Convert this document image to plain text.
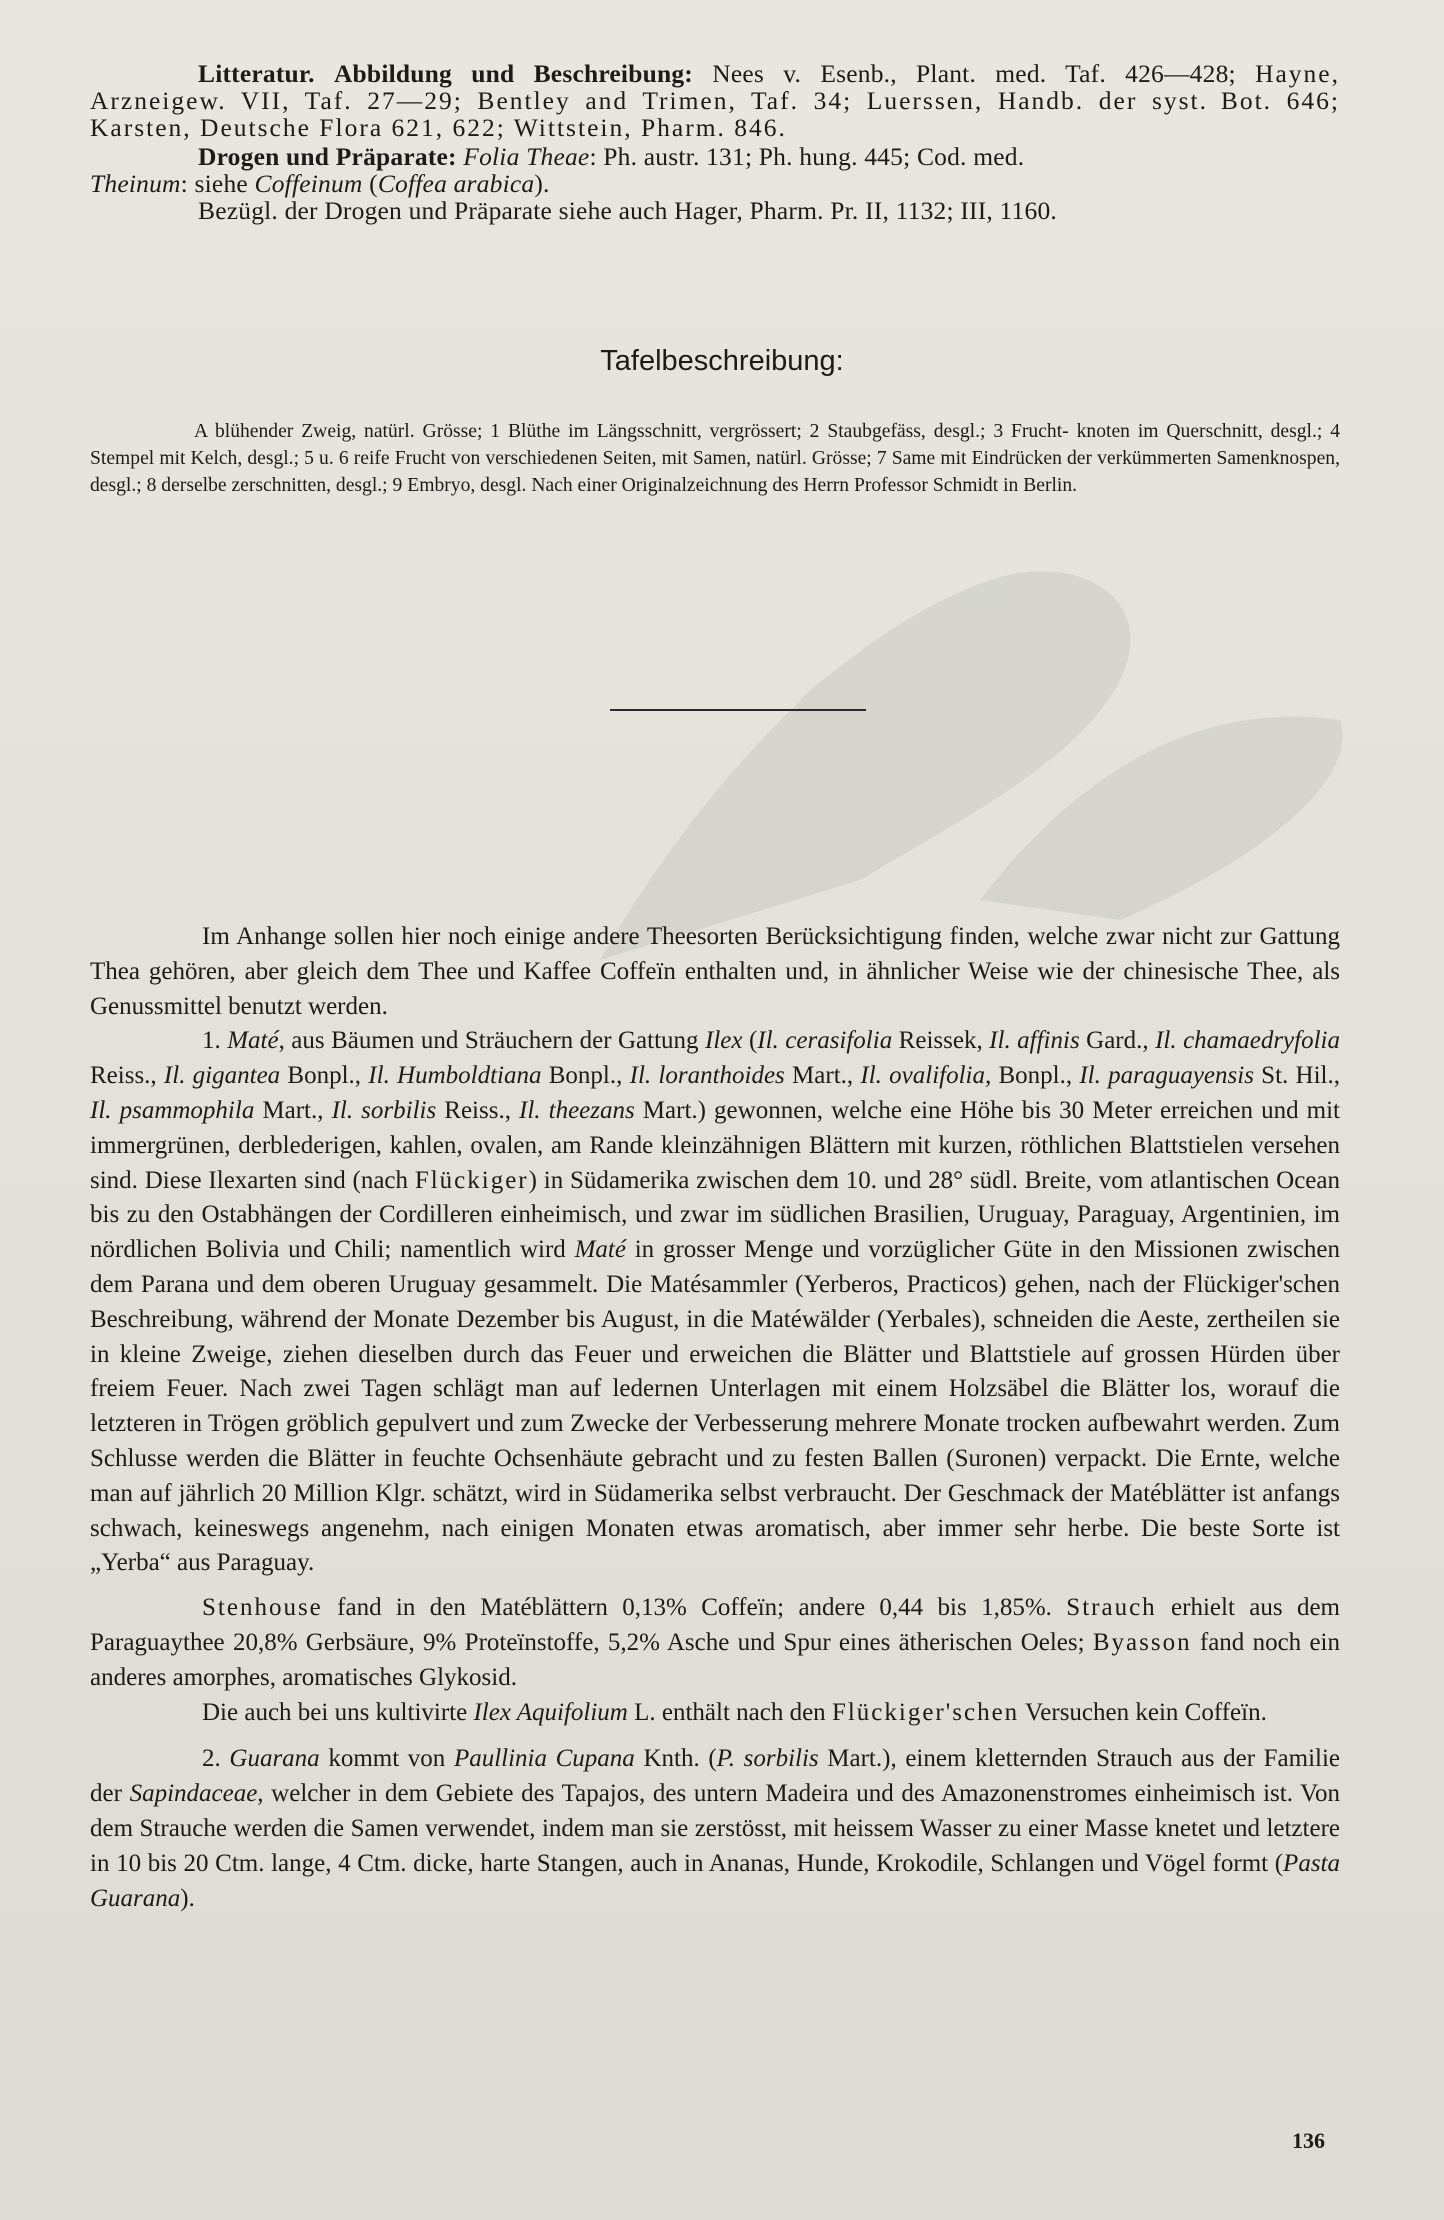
Litteratur. Abbildung und Beschreibung: Nees v. Esenb., Plant. med. Taf. 426—428; Hayne, Arzneigew. VII, Taf. 27—29; Bentley and Trimen, Taf. 34; Luerssen, Handb. der syst. Bot. 646; Karsten, Deutsche Flora 621, 622; Wittstein, Pharm. 846.

Drogen und Präparate: Folia Theae: Ph. austr. 131; Ph. hung. 445; Cod. med.
Theinum: siehe Coffeinum (Coffea arabica).

Bezügl. der Drogen und Präparate siehe auch Hager, Pharm. Pr. II, 1132; III, 1160.

Tafelbeschreibung:

A blühender Zweig, natürl. Grösse; 1 Blüthe im Längsschnitt, vergrössert; 2 Staubgefäss, desgl.; 3 Frucht- knoten im Querschnitt, desgl.; 4 Stempel mit Kelch, desgl.; 5 u. 6 reife Frucht von verschiedenen Seiten, mit Samen, natürl. Grösse; 7 Same mit Eindrücken der verkümmerten Samenknospen, desgl.; 8 derselbe zerschnitten, desgl.; 9 Embryo, desgl. Nach einer Originalzeichnung des Herrn Professor Schmidt in Berlin.

Im Anhange sollen hier noch einige andere Theesorten Berücksichtigung finden, welche zwar nicht zur Gattung Thea gehören, aber gleich dem Thee und Kaffee Coffeïn enthalten und, in ähnlicher Weise wie der chinesische Thee, als Genussmittel benutzt werden.

1. Maté, aus Bäumen und Sträuchern der Gattung Ilex (Il. cerasifolia Reissek, Il. affinis Gard., Il. chamaedryfolia Reiss., Il. gigantea Bonpl., Il. Humboldtiana Bonpl., Il. loranthoides Mart., Il. ovalifolia, Bonpl., Il. paraguayensis St. Hil., Il. psammophila Mart., Il. sorbilis Reiss., Il. theezans Mart.) gewonnen, welche eine Höhe bis 30 Meter erreichen und mit immergrünen, derblederigen, kahlen, ovalen, am Rande kleinzähnigen Blättern mit kurzen, röthlichen Blattstielen versehen sind. Diese Ilexarten sind (nach Flückiger) in Südamerika zwischen dem 10. und 28° südl. Breite, vom atlantischen Ocean bis zu den Ostabhängen der Cordilleren einheimisch, und zwar im südlichen Brasilien, Uruguay, Paraguay, Argentinien, im nördlichen Bolivia und Chili; namentlich wird Maté in grosser Menge und vorzüglicher Güte in den Missionen zwischen dem Parana und dem oberen Uruguay gesammelt. Die Matésammler (Yerberos, Practicos) gehen, nach der Flückiger'schen Beschreibung, während der Monate Dezember bis August, in die Matéwälder (Yerbales), schneiden die Aeste, zertheilen sie in kleine Zweige, ziehen dieselben durch das Feuer und erweichen die Blätter und Blattstiele auf grossen Hürden über freiem Feuer. Nach zwei Tagen schlägt man auf ledernen Unterlagen mit einem Holzsäbel die Blätter los, worauf die letzteren in Trögen gröblich gepulvert und zum Zwecke der Verbesserung mehrere Monate trocken aufbewahrt werden. Zum Schlusse werden die Blätter in feuchte Ochsenhäute gebracht und zu festen Ballen (Suronen) verpackt. Die Ernte, welche man auf jährlich 20 Million Klgr. schätzt, wird in Südamerika selbst verbraucht. Der Geschmack der Matéblätter ist anfangs schwach, keineswegs angenehm, nach einigen Monaten etwas aromatisch, aber immer sehr herbe. Die beste Sorte ist „Yerba“ aus Paraguay.

Stenhouse fand in den Matéblättern 0,13% Coffeïn; andere 0,44 bis 1,85%. Strauch erhielt aus dem Paraguaythee 20,8% Gerbsäure, 9% Proteïnstoffe, 5,2% Asche und Spur eines ätherischen Oeles; Byasson fand noch ein anderes amorphes, aromatisches Glykosid.

Die auch bei uns kultivirte Ilex Aquifolium L. enthält nach den Flückiger'schen Versuchen kein Coffeïn.

2. Guarana kommt von Paullinia Cupana Knth. (P. sorbilis Mart.), einem kletternden Strauch aus der Familie der Sapindaceae, welcher in dem Gebiete des Tapajos, des untern Madeira und des Amazonenstromes einheimisch ist. Von dem Strauche werden die Samen verwendet, indem man sie zerstösst, mit heissem Wasser zu einer Masse knetet und letztere in 10 bis 20 Ctm. lange, 4 Ctm. dicke, harte Stangen, auch in Ananas, Hunde, Krokodile, Schlangen und Vögel formt (Pasta Guarana).

136
